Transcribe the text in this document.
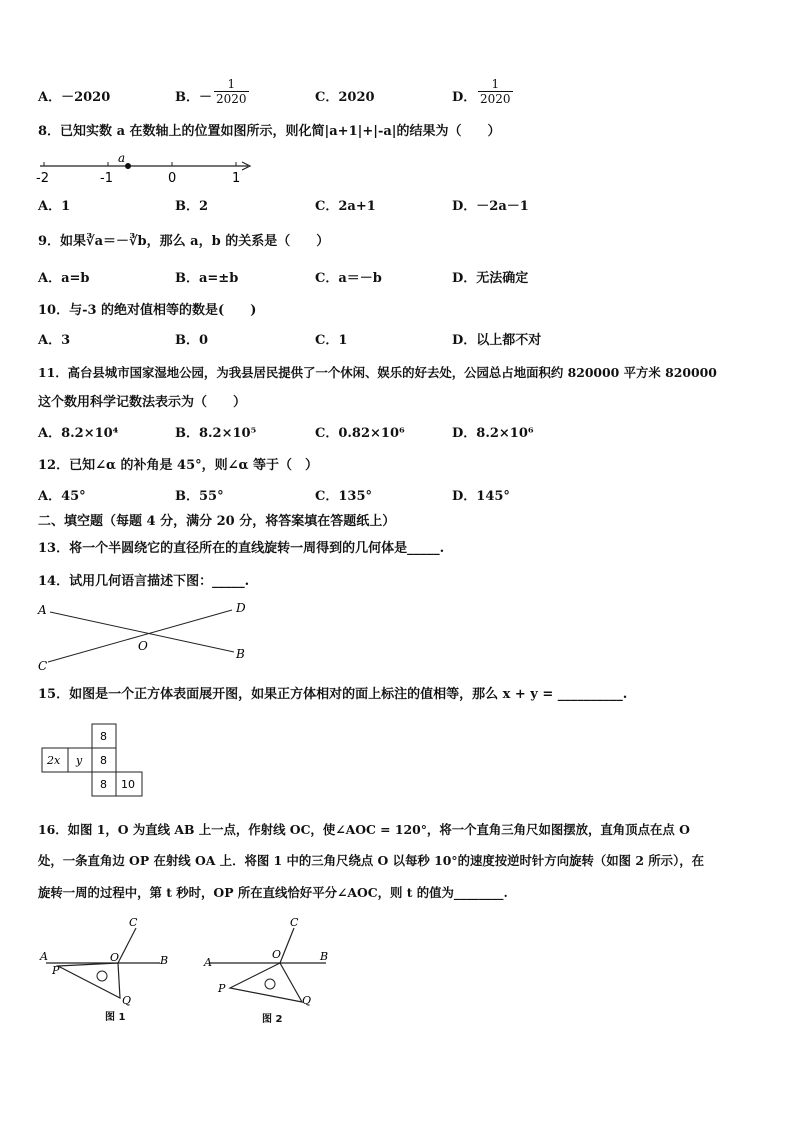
A．－2020	B．－ $\frac{1}{2020}$	C．2020	D． $\frac{1}{2020}$
8．已知实数 a 在数轴上的位置如图所示，则化简|a+1|+|-a|的结果为（　　）
a
-2	-1	0	1
A．1	B．2	C．2a+1	D．－2a－1
9．如果∛a＝－∛b，那么 a，b 的关系是（　　）
A．a=b	B．a=±b	C．a＝－b	D．无法确定
10．与-3 的绝对值相等的数是(　　)
A．3	B．0	C．1	D．以上都不对
11．高台县城市国家湿地公园，为我县居民提供了一个休闲、娱乐的好去处，公园总占地面积约 820000 平方米 820000
这个数用科学记数法表示为（　　）
A．8.2×10⁴	B．8.2×10⁵	C．0.82×10⁶	D．8.2×10⁶
12．已知∠α 的补角是 45°，则∠α 等于（　）
A．45°	B．55°	C．135°	D．145°
二、填空题（每题 4 分，满分 20 分，将答案填在答题纸上）
13．将一个半圆绕它的直径所在的直线旋转一周得到的几何体是_____.
14．试用几何语言描述下图：_____.
A	D
O
C
B
15．如图是一个正方体表面展开图，如果正方体相对的面上标注的值相等，那么 x + y = __________.
8
2x y 8
8 10
16．如图 1，O 为直线 AB 上一点，作射线 OC，使∠AOC = 120°，将一个直角三角尺如图摆放，直角顶点在点 O
处，一条直角边 OP 在射线 OA 上．将图 1 中的三角尺绕点 O 以每秒 10°的速度按逆时针方向旋转（如图 2 所示），在
旋转一周的过程中，第 t 秒时，OP 所在直线恰好平分∠AOC，则 t 的值为________.
A	B
C
O
P
Q
图 1
A	B
C
O
P
Q
图 2
